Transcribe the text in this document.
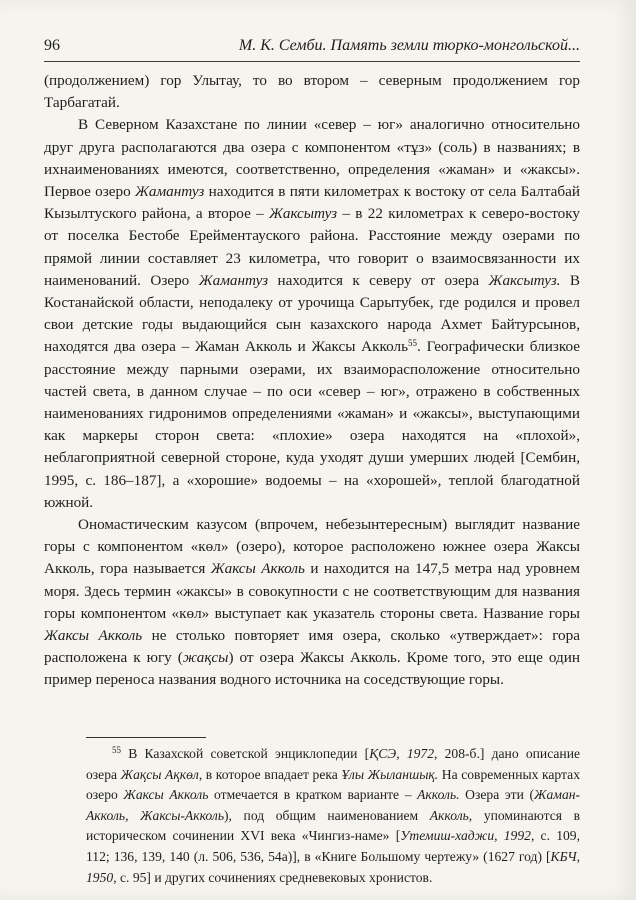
96	М. К. Семби. Память земли тюрко-монгольской...

(продолжением) гор Улытау, то во втором – северным продолжением гор Тарбагатай.

В Северном Казахстане по линии «север – юг» аналогично относительно друг друга располагаются два озера с компонентом «тұз» (соль) в названиях; в ихнаименованиях имеются, соответственно, определения «жаман» и «жаксы». Первое озеро Жамантуз находится в пяти километрах к востоку от села Балтабай Кызылтуского района, а второе – Жаксытуз – в 22 километрах к северо-востоку от поселка Бестобе Ерейментауского района. Расстояние между озерами по прямой линии составляет 23 километра, что говорит о взаимосвязанности их наименований. Озеро Жамантуз находится к северу от озера Жаксытуз. В Костанайской области, неподалеку от урочища Сарытубек, где родился и провел свои детские годы выдающийся сын казахского народа Ахмет Байтурсынов, находятся два озера – Жаман Акколь и Жаксы Акколь$^{55}$. Географически близкое расстояние между парными озерами, их взаиморасположение относительно частей света, в данном случае – по оси «север – юг», отражено в собственных наименованиях гидронимов определениями «жаман» и «жаксы», выступающими как маркеры сторон света: «плохие» озера находятся на «плохой», неблагоприятной северной стороне, куда уходят души умерших людей [Сембин, 1995, с. 186–187], а «хорошие» водоемы – на «хорошей», теплой благодатной южной.

Ономастическим казусом (впрочем, небезынтересным) выглядит название горы с компонентом «көл» (озеро), которое расположено южнее озера Жаксы Акколь, гора называется Жаксы Акколь и находится на 147,5 метра над уровнем моря. Здесь термин «жаксы» в совокупности с не соответствующим для названия горы компонентом «көл» выступает как указатель стороны света. Название горы Жаксы Акколь не столько повторяет имя озера, сколько «утверждает»: гора расположена к югу (жақсы) от озера Жаксы Акколь. Кроме того, это еще один пример переноса названия водного источника на соседствующие горы.

$^{55}$ В Казахской советской энциклопедии [ҚСЭ, 1972, 208-б.] дано описание озера Жақсы Ақкөл, в которое впадает река Ұлы Жыланшық. На современных картах озеро Жаксы Акколь отмечается в кратком варианте – Акколь. Озера эти (Жаман-Акколь, Жаксы-Акколь), под общим наименованием Акколь, упоминаются в историческом сочинении XVI века «Чингиз-наме» [Утемиш-хаджи, 1992, с. 109, 112; 136, 139, 140 (л. 506, 536, 54а)], в «Книге Большому чертежу» (1627 год) [КБЧ, 1950, с. 95] и других сочинениях средневековых хронистов.
